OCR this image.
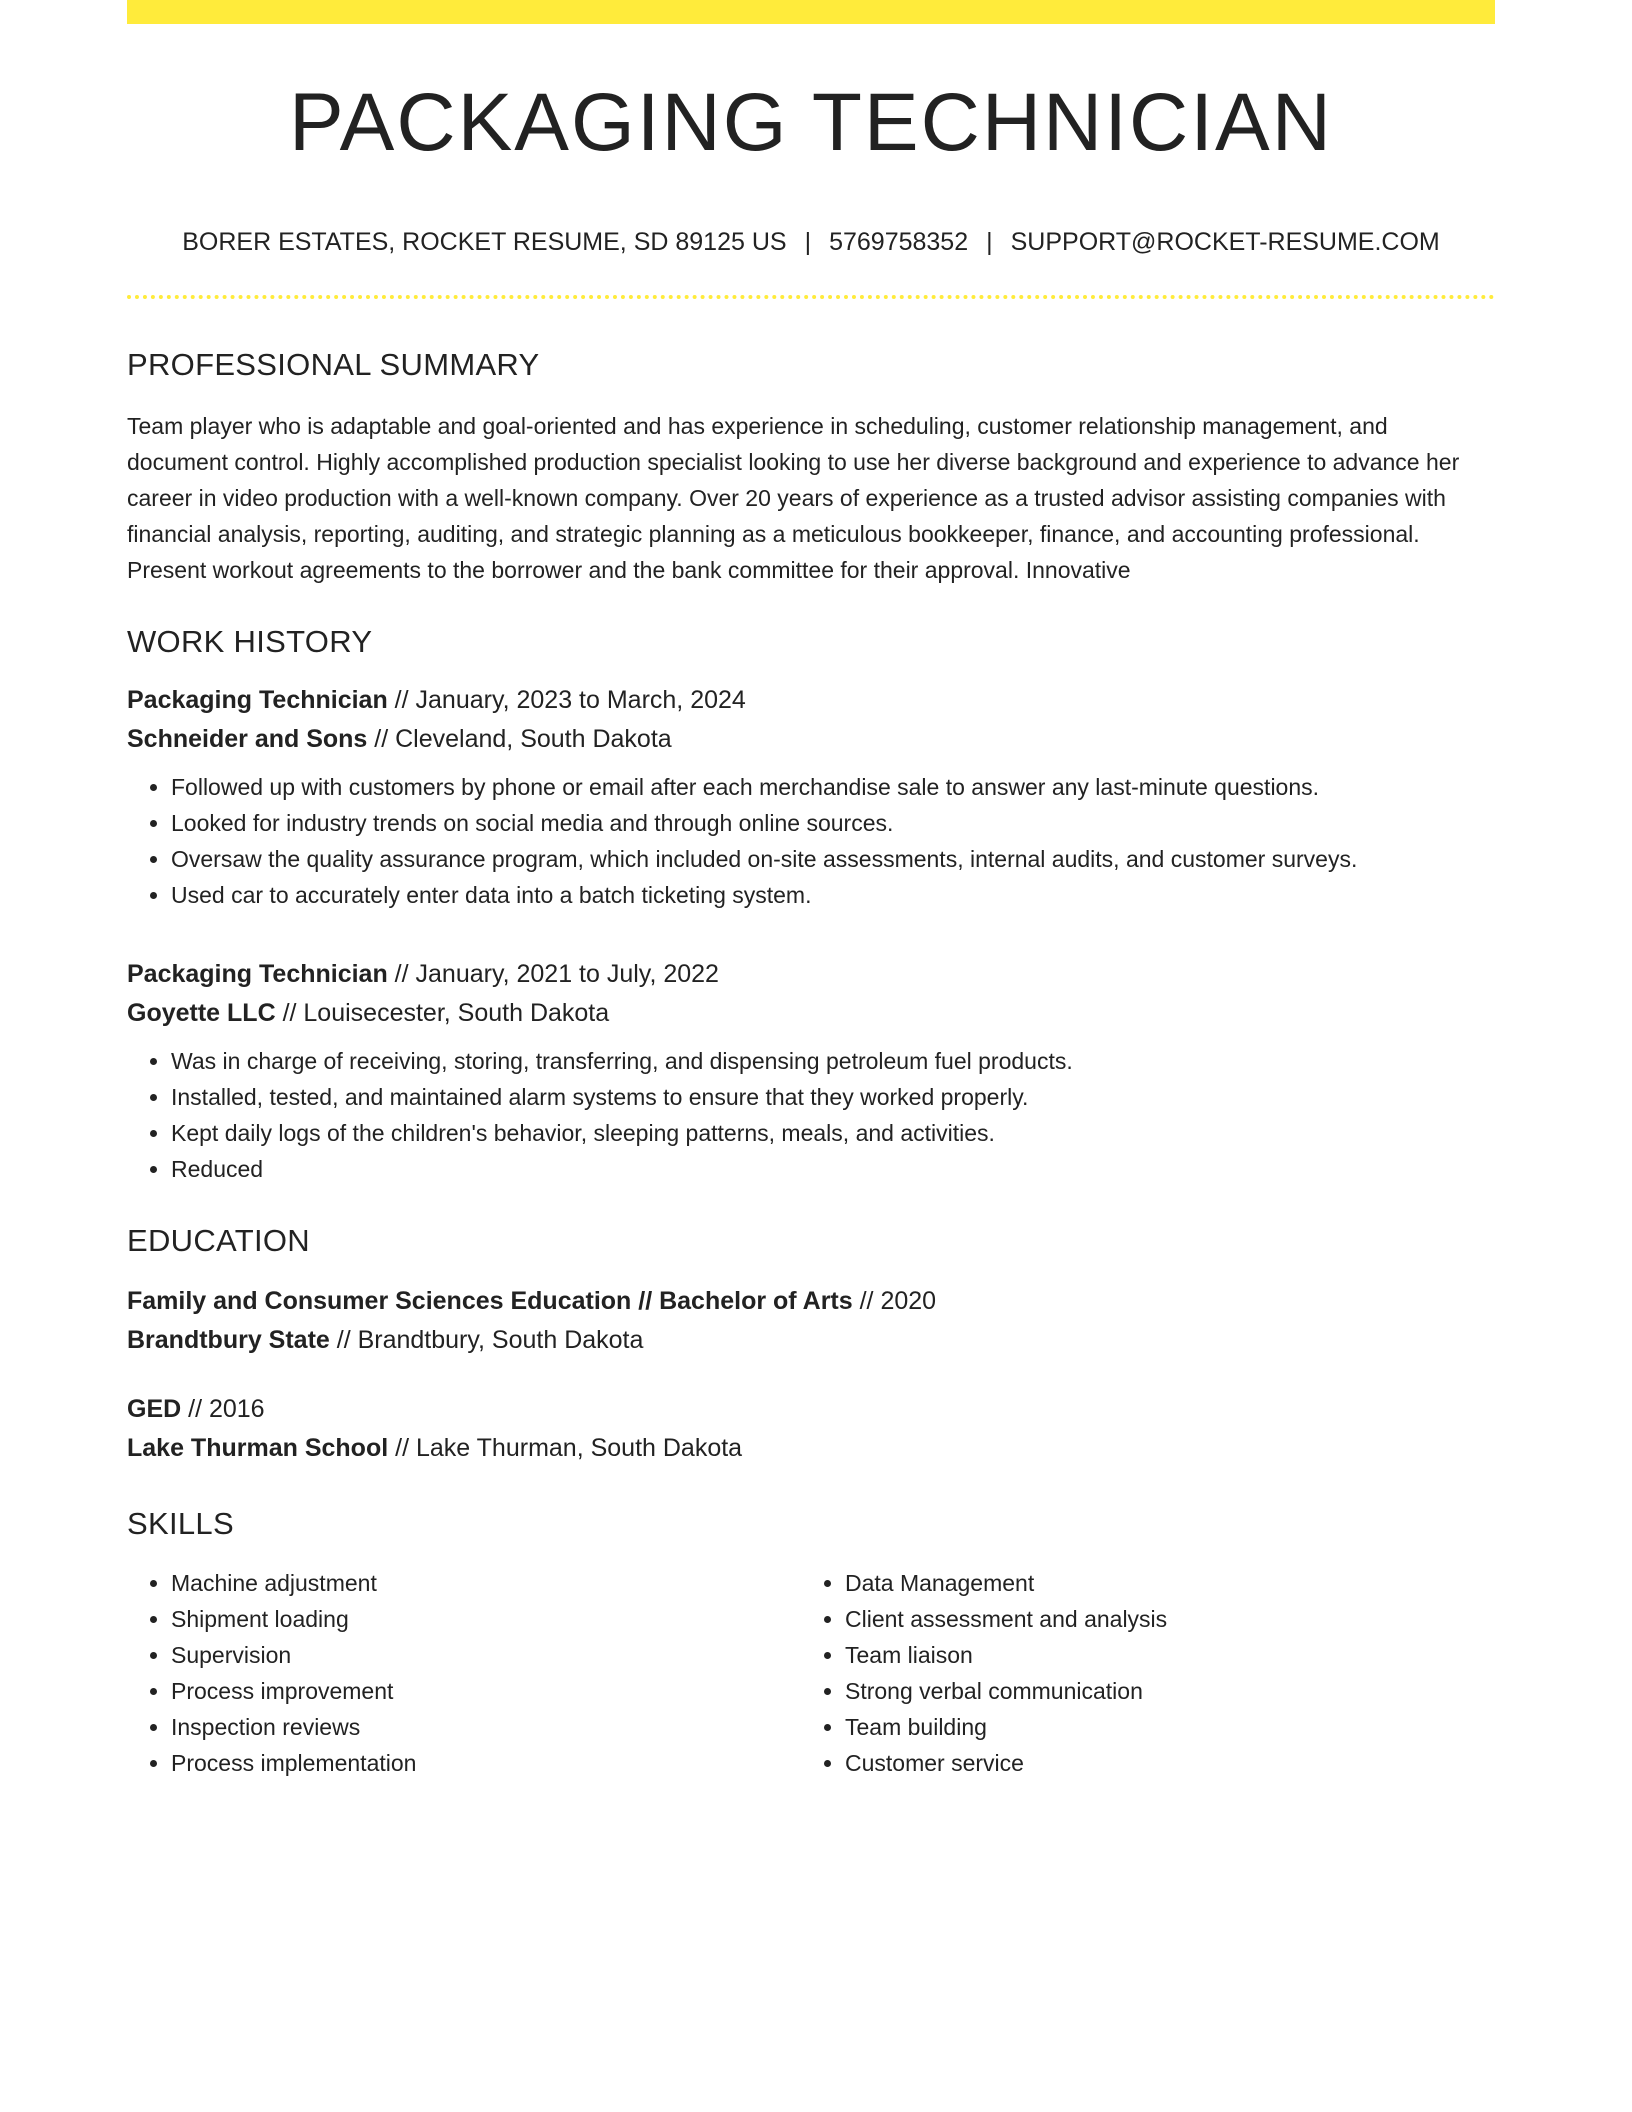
PACKAGING TECHNICIAN
BORER ESTATES, ROCKET RESUME, SD 89125 US | 5769758352 | SUPPORT@ROCKET-RESUME.COM
PROFESSIONAL SUMMARY
Team player who is adaptable and goal-oriented and has experience in scheduling, customer relationship management, and document control. Highly accomplished production specialist looking to use her diverse background and experience to advance her career in video production with a well-known company. Over 20 years of experience as a trusted advisor assisting companies with financial analysis, reporting, auditing, and strategic planning as a meticulous bookkeeper, finance, and accounting professional. Present workout agreements to the borrower and the bank committee for their approval. Innovative
WORK HISTORY
Packaging Technician // January, 2023 to March, 2024
Schneider and Sons // Cleveland, South Dakota
• Followed up with customers by phone or email after each merchandise sale to answer any last-minute questions.
• Looked for industry trends on social media and through online sources.
• Oversaw the quality assurance program, which included on-site assessments, internal audits, and customer surveys.
• Used car to accurately enter data into a batch ticketing system.
Packaging Technician // January, 2021 to July, 2022
Goyette LLC // Louisecester, South Dakota
• Was in charge of receiving, storing, transferring, and dispensing petroleum fuel products.
• Installed, tested, and maintained alarm systems to ensure that they worked properly.
• Kept daily logs of the children's behavior, sleeping patterns, meals, and activities.
• Reduced
EDUCATION
Family and Consumer Sciences Education // Bachelor of Arts // 2020
Brandtbury State // Brandtbury, South Dakota
GED // 2016
Lake Thurman School // Lake Thurman, South Dakota
SKILLS
• Machine adjustment
• Shipment loading
• Supervision
• Process improvement
• Inspection reviews
• Process implementation
• Data Management
• Client assessment and analysis
• Team liaison
• Strong verbal communication
• Team building
• Customer service
